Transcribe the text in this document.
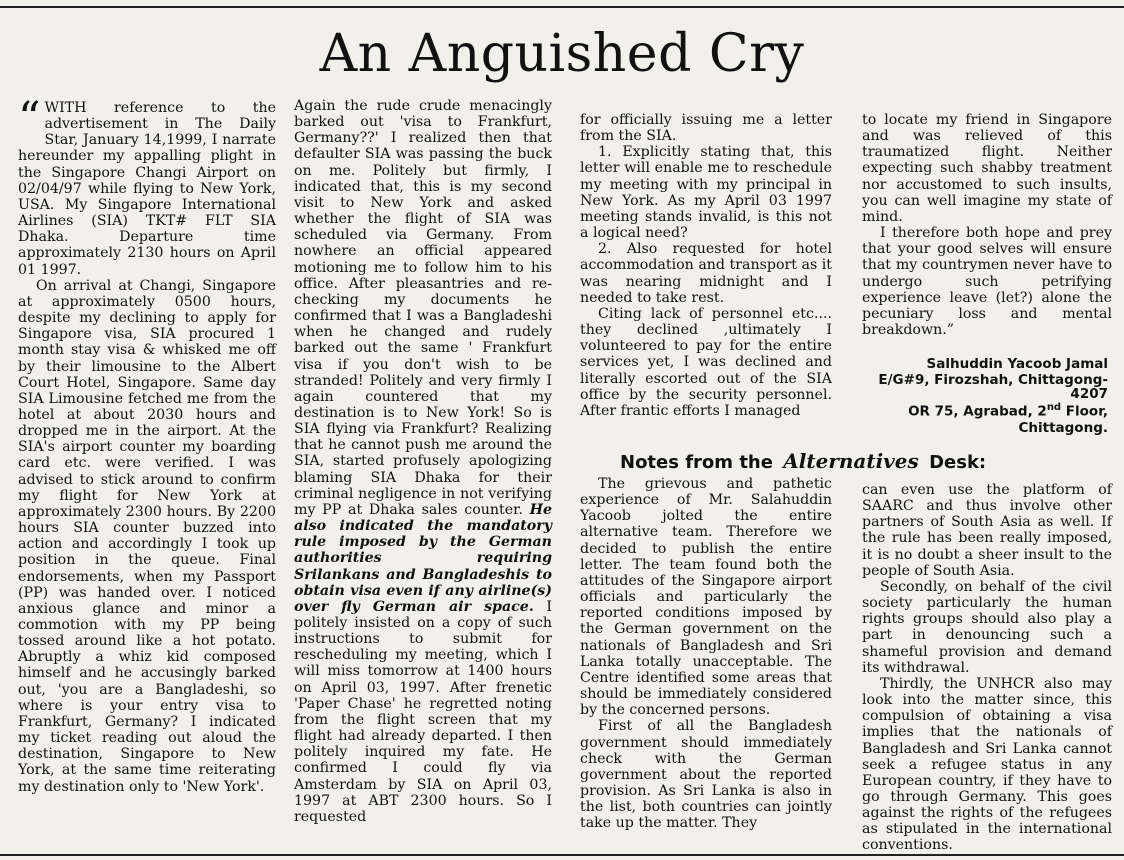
An Anguished Cry
“ WITH reference to the advertisement in The Daily Star, January 14,1999, I narrate hereunder my appalling plight in the Singapore Changi Airport on 02/04/97 while flying to New York, USA. My Singapore International Airlines (SIA) TKT# FLT SIA Dhaka. Departure time approximately 2130 hours on April 01 1997.

On arrival at Changi, Singapore at approximately 0500 hours, despite my declining to apply for Singapore visa, SIA procured 1 month stay visa & whisked me off by their limousine to the Albert Court Hotel, Singapore. Same day SIA Limousine fetched me from the hotel at about 2030 hours and dropped me in the airport. At the SIA's airport counter my boarding card etc. were verified. I was advised to stick around to confirm my flight for New York at approximately 2300 hours. By 2200 hours SIA counter buzzed into action and accordingly I took up position in the queue. Final endorsements, when my Passport (PP) was handed over. I noticed anxious glance and minor a commotion with my PP being tossed around like a hot potato. Abruptly a whiz kid composed himself and he accusingly barked out, 'you are a Bangladeshi, so where is your entry visa to Frankfurt, Germany? I indicated my ticket reading out aloud the destination, Singapore to New York, at the same time reiterating my destination only to 'New York'.

Again the rude crude menacingly barked out 'visa to Frankfurt, Germany??' I realized then that defaulter SIA was passing the buck on me. Politely but firmly, I indicated that, this is my second visit to New York and asked whether the flight of SIA was scheduled via Germany. From nowhere an official appeared motioning me to follow him to his office. After pleasantries and re-checking my documents he confirmed that I was a Bangladeshi when he changed and rudely barked out the same ' Frankfurt visa if you don't wish to be stranded! Politely and very firmly I again countered that my destination is to New York! So is SIA flying via Frankfurt? Realizing that he cannot push me around the SIA, started profusely apologizing blaming SIA Dhaka for their criminal negligence in not verifying my PP at Dhaka sales counter. He also indicated the mandatory rule imposed by the German authorities requiring Srilankans and Bangladeshis to obtain visa even if any airline(s) over fly German air space. I politely insisted on a copy of such instructions to submit for rescheduling my meeting, which I will miss tomorrow at 1400 hours on April 03, 1997. After frenetic 'Paper Chase' he regretted noting from the flight screen that my flight had already departed. I then politely inquired my fate. He confirmed I could fly via Amsterdam by SIA on April 03, 1997 at ABT 2300 hours. So I requested

for officially issuing me a letter from the SIA.

1. Explicitly stating that, this letter will enable me to reschedule my meeting with my principal in New York. As my April 03 1997 meeting stands invalid, is this not a logical need?

2. Also requested for hotel accommodation and transport as it was nearing midnight and I needed to take rest.

Citing lack of personnel etc.... they declined ,ultimately I volunteered to pay for the entire services yet, I was declined and literally escorted out of the SIA office by the security personnel. After frantic efforts I managed

to locate my friend in Singapore and was relieved of this traumatized flight. Neither expecting such shabby treatment nor accustomed to such insults, you can well imagine my state of mind.

I therefore both hope and prey that your good selves will ensure that my countrymen never have to undergo such petrifying experience leave (let?) alone the pecuniary loss and mental breakdown.”

Salhuddin Yacoob Jamal
E/G#9, Firozshah, Chittagong-
4207
OR 75, Agrabad, 2nd Floor,
Chittagong.
Notes from the Alternatives Desk:

The grievous and pathetic experience of Mr. Salahuddin Yacoob jolted the entire alternative team. Therefore we decided to publish the entire letter. The team found both the attitudes of the Singapore airport officials and particularly the reported conditions imposed by the German government on the nationals of Bangladesh and Sri Lanka totally unacceptable. The Centre identified some areas that should be immediately considered by the concerned persons.

First of all the Bangladesh government should immediately check with the German government about the reported provision. As Sri Lanka is also in the list, both countries can jointly take up the matter. They

can even use the platform of SAARC and thus involve other partners of South Asia as well. If the rule has been really imposed, it is no doubt a sheer insult to the people of South Asia.

Secondly, on behalf of the civil society particularly the human rights groups should also play a part in denouncing such a shameful provision and demand its withdrawal.

Thirdly, the UNHCR also may look into the matter since, this compulsion of obtaining a visa implies that the nationals of Bangladesh and Sri Lanka cannot seek a refugee status in any European country, if they have to go through Germany. This goes against the rights of the refugees as stipulated in the international conventions.
